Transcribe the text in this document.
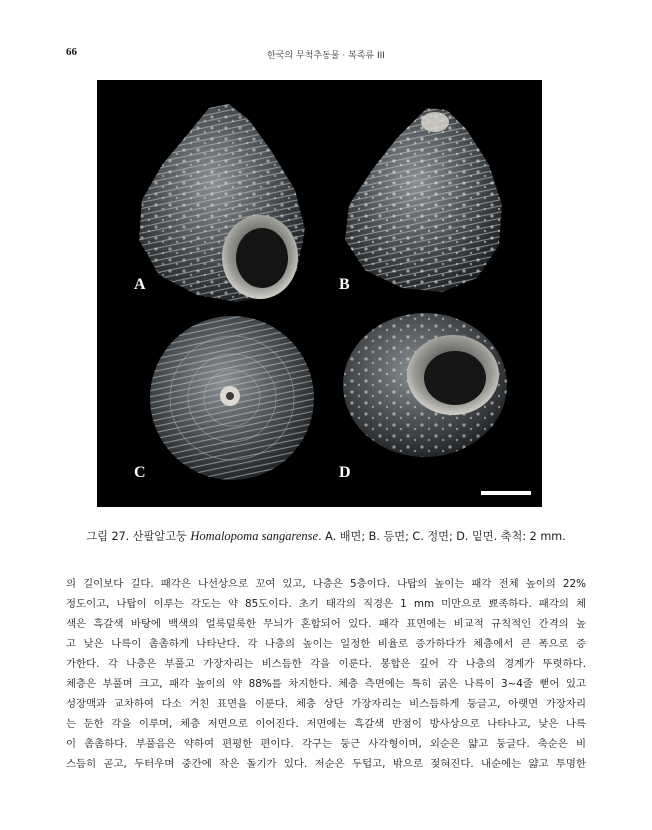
66	한국의 무척추동물 · 복족류 III
A	B
C	D
그림 27. 산팔알고둥 Homalopoma sangarense. A. 배면; B. 등면; C. 정면; D. 밑면. 축척: 2 mm.
의 길이보다 길다. 패각은 나선상으로 꼬여 있고, 나층은 5층이다. 나탑의 높이는 패각 전체 높이의 22%
정도이고, 나탑이 이루는 각도는 약 85도이다. 초기 태각의 직경은 1 mm 미만으로 뾰족하다. 패각의 체
색은 흑갈색 바탕에 백색의 얼룩덜룩한 무늬가 혼합되어 있다. 패각 표면에는 비교적 규칙적인 간격의 높
고 낮은 나륵이 촘촘하게 나타난다. 각 나층의 높이는 일정한 비율로 증가하다가 체층에서 큰 폭으로 증
가한다. 각 나층은 부풀고 가장자리는 비스듬한 각을 이룬다. 봉합은 깊어 각 나층의 경계가 뚜렷하다.
체층은 부풀며 크고, 패각 높이의 약 88%를 차지한다. 체층 측면에는 특히 굵은 나륵이 3~4줄 뻗어 있고
성장맥과 교차하여 다소 거친 표면을 이룬다. 체층 상단 가장자리는 비스듬하게 둥글고, 아랫면 가장자리
는 둔한 각을 이루며, 체층 저면으로 이어진다. 저면에는 흑갈색 반점이 방사상으로 나타나고, 낮은 나륵
이 촘촘하다. 부풀음은 약하여 편평한 편이다. 각구는 둥근 사각형이며, 외순은 얇고 둥글다. 축순은 비
스듬히 곧고, 두터우며 중간에 작은 돌기가 있다. 저순은 두텁고, 밖으로 젖혀진다. 내순에는 얇고 투명한
